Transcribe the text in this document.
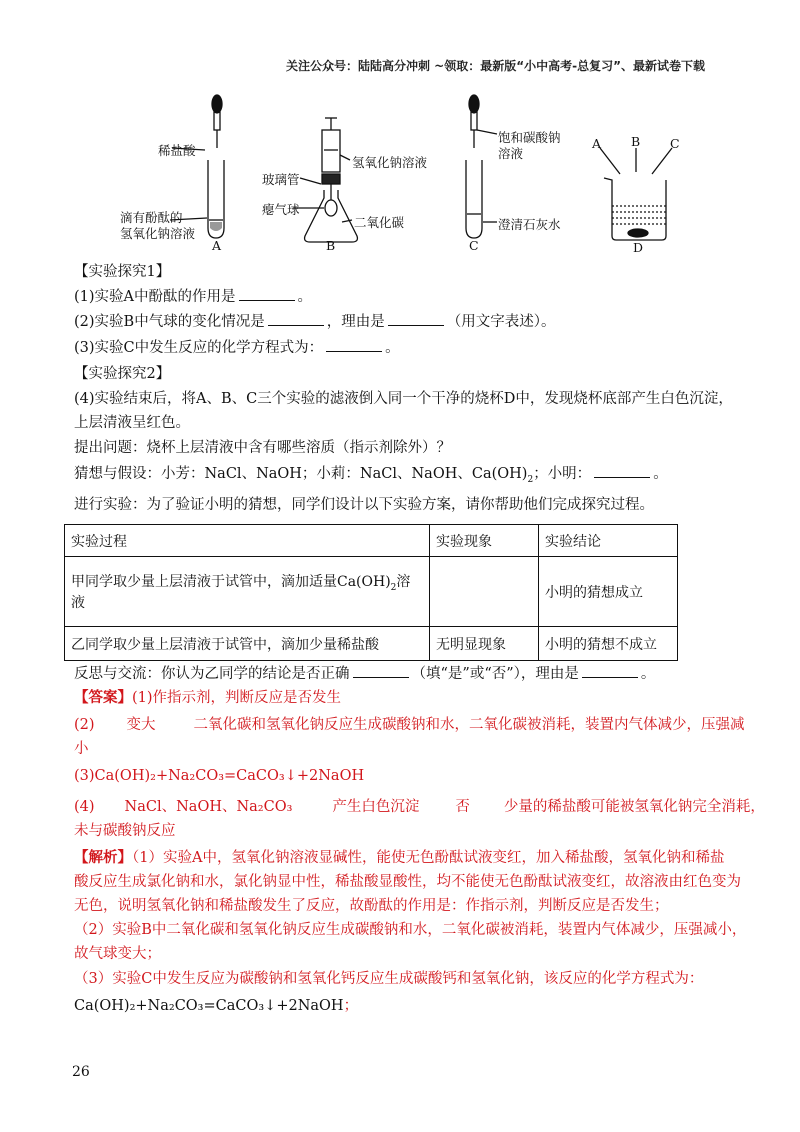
关注公众号：陆陆高分冲刺 ~领取：最新版“小中高考-总复习”、最新试卷下载
稀盐酸
滴有酚酞的
氢氧化钠溶液
A
氢氧化钠溶液
玻璃管
瘪气球
二氧化碳
B
饱和碳酸钠
溶液
澄清石灰水
C
A B C
D
【实验探究1】
(1)实验A中酚酞的作用是	。
(2)实验B中气球的变化情况是	，理由是	（用文字表述）。
(3)实验C中发生反应的化学方程式为：	。
【实验探究2】
(4)实验结束后，将A、B、C三个实验的滤液倒入同一个干净的烧杯D中，发现烧杯底部产生白色沉淀，
上层清液呈红色。
提出问题：烧杯上层清液中含有哪些溶质（指示剂除外）？
猜想与假设：小芳：NaCl、NaOH；小莉：NaCl、NaOH、$Ca(OH)_2$；小明：	。
进行实验：为了验证小明的猜想，同学们设计以下实验方案，请你帮助他们完成探究过程。
实验过程	实验现象	实验结论
甲同学取少量上层清液于试管中，滴加适量$Ca(OH)_2$溶
液		小明的猜想成立
乙同学取少量上层清液于试管中，滴加少量稀盐酸	无明显现象	小明的猜想不成立
反思与交流：你认为乙同学的结论是否正确	（填“是”或“否”），理由是	。
【答案】(1)作指示剂，判断反应是否发生
(2) 变大	二氧化碳和氢氧化钠反应生成碳酸钠和水，二氧化碳被消耗，装置内气体减少，压强减
小
(3)Ca(OH)₂+Na₂CO₃=CaCO₃↓+2NaOH
(4) NaCl、NaOH、Na₂CO₃	产生白色沉淀 否 少量的稀盐酸可能被氢氧化钠完全消耗，
未与碳酸钠反应
【解析】（1）实验A中，氢氧化钠溶液显碱性，能使无色酚酞试液变红，加入稀盐酸，氢氧化钠和稀盐
酸反应生成氯化钠和水，氯化钠显中性，稀盐酸显酸性，均不能使无色酚酞试液变红，故溶液由红色变为
无色，说明氢氧化钠和稀盐酸发生了反应，故酚酞的作用是：作指示剂，判断反应是否发生；
（2）实验B中二氧化碳和氢氧化钠反应生成碳酸钠和水，二氧化碳被消耗，装置内气体减少，压强减小，
故气球变大；
（3）实验C中发生反应为碳酸钠和氢氧化钙反应生成碳酸钙和氢氧化钠，该反应的化学方程式为：
Ca(OH)₂+Na₂CO₃=CaCO₃↓+2NaOH；
26
